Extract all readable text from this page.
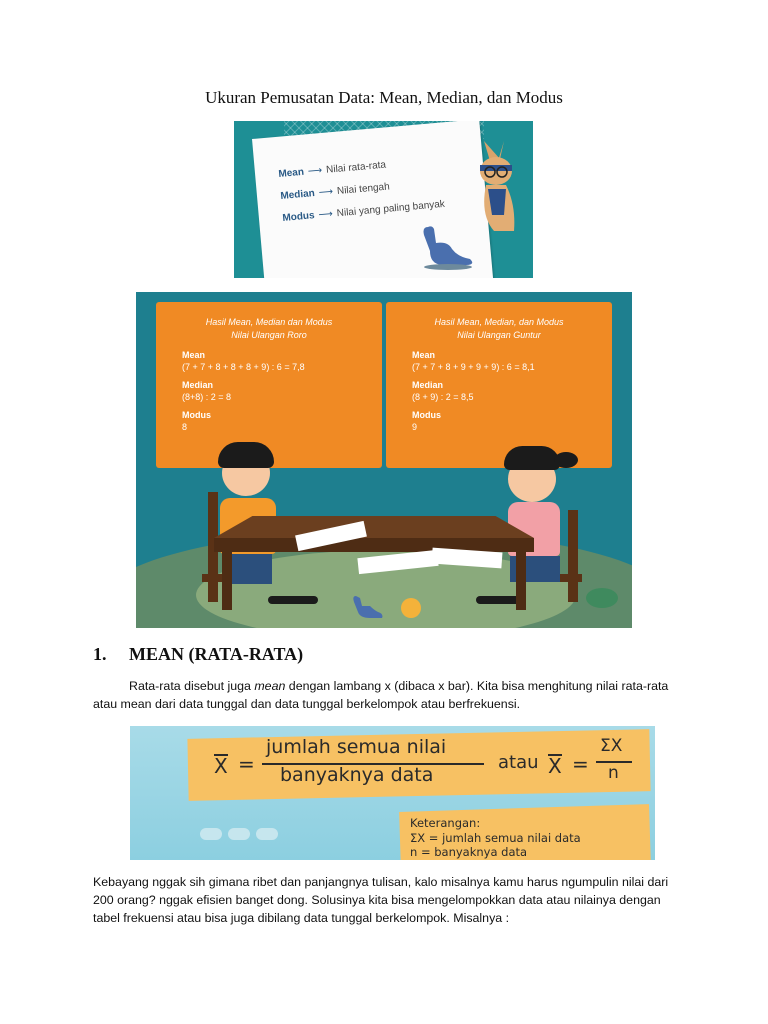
Ukuran Pemusatan Data: Mean, Median, dan Modus
Mean ⟶ Nilai rata-rata
Median ⟶ Nilai tengah
Modus ⟶ Nilai yang paling banyak
Hasil Mean, Median dan Modus
Nilai Ulangan Roro
Mean
(7 + 7 + 8 + 8 + 8 + 9) : 6 = 7,8
Median
(8+8) : 2 = 8
Modus
8
Hasil Mean, Median, dan Modus
Nilai Ulangan Guntur
Mean
(7 + 7 + 8 + 9 + 9 + 9) : 6 = 8,1
Median
(8 + 9) : 2 = 8,5
Modus
9
1. MEAN (RATA-RATA)
Rata-rata disebut juga mean dengan lambang x (dibaca x bar). Kita bisa menghitung nilai rata-rata atau mean dari data tunggal dan data tunggal berkelompok atau berfrekuensi.
X =
jumlah semua nilai
banyaknya data
atau X =
ΣX
n
Keterangan:
ΣX = jumlah semua nilai data
n = banyaknya data
Kebayang nggak sih gimana ribet dan panjangnya tulisan, kalo misalnya kamu harus ngumpulin nilai dari 200 orang? nggak efisien banget dong. Solusinya kita bisa mengelompokkan data atau nilainya dengan tabel frekuensi atau bisa juga dibilang data tunggal berkelompok. Misalnya :
